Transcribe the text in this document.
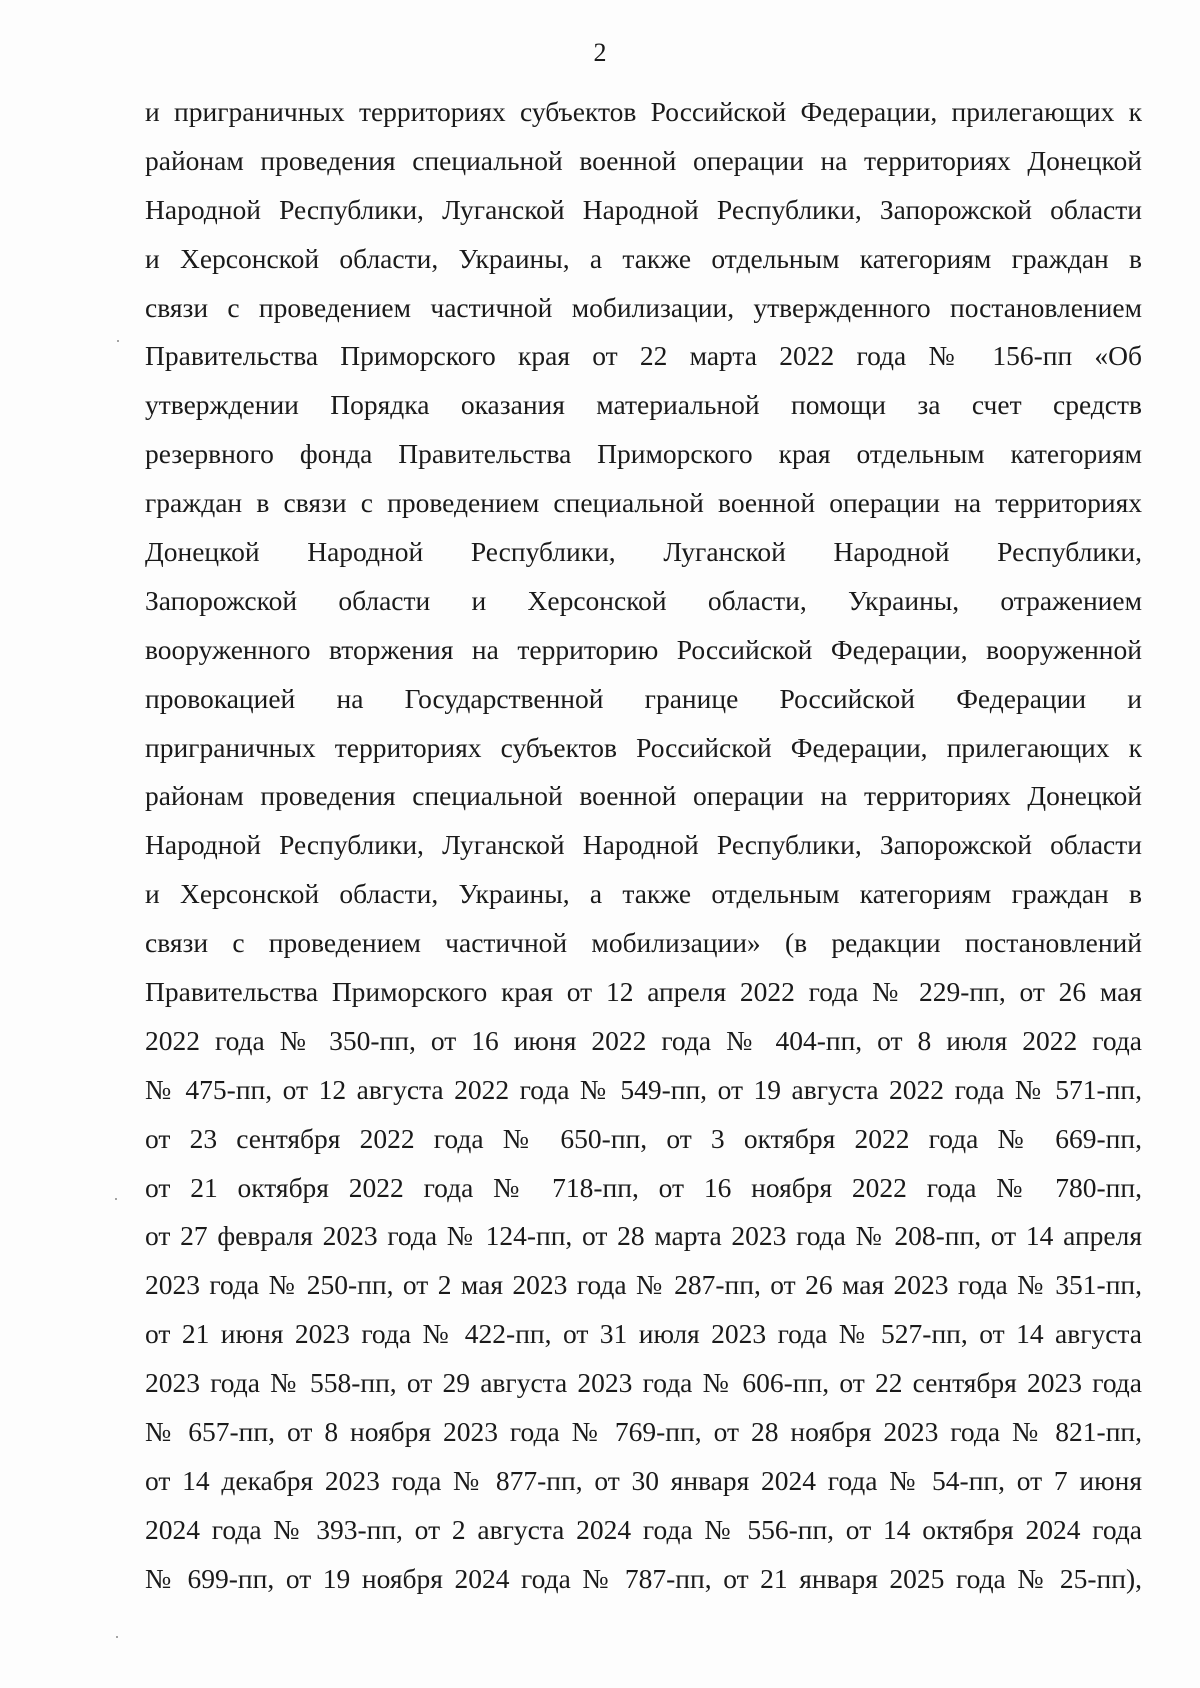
2
и приграничных территориях субъектов Российской Федерации, прилегающих к
районам проведения специальной военной операции на территориях Донецкой
Народной Республики, Луганской Народной Республики, Запорожской области
и Херсонской области, Украины, а также отдельным категориям граждан в
связи с проведением частичной мобилизации, утвержденного постановлением
Правительства Приморского края от 22 марта 2022 года № 156-пп «Об
утверждении Порядка оказания материальной помощи за счет средств
резервного фонда Правительства Приморского края отдельным категориям
граждан в связи с проведением специальной военной операции на территориях
Донецкой Народной Республики, Луганской Народной Республики,
Запорожской области и Херсонской области, Украины, отражением
вооруженного вторжения на территорию Российской Федерации, вооруженной
провокацией на Государственной границе Российской Федерации и
приграничных территориях субъектов Российской Федерации, прилегающих к
районам проведения специальной военной операции на территориях Донецкой
Народной Республики, Луганской Народной Республики, Запорожской области
и Херсонской области, Украины, а также отдельным категориям граждан в
связи с проведением частичной мобилизации» (в редакции постановлений
Правительства Приморского края от 12 апреля 2022 года № 229-пп, от 26 мая
2022 года № 350-пп, от 16 июня 2022 года № 404-пп, от 8 июля 2022 года
№ 475-пп, от 12 августа 2022 года № 549-пп, от 19 августа 2022 года № 571-пп,
от 23 сентября 2022 года № 650-пп, от 3 октября 2022 года № 669-пп,
от 21 октября 2022 года № 718-пп, от 16 ноября 2022 года № 780-пп,
от 27 февраля 2023 года № 124-пп, от 28 марта 2023 года № 208-пп, от 14 апреля
2023 года № 250-пп, от 2 мая 2023 года № 287-пп, от 26 мая 2023 года № 351-пп,
от 21 июня 2023 года № 422-пп, от 31 июля 2023 года № 527-пп, от 14 августа
2023 года № 558-пп, от 29 августа 2023 года № 606-пп, от 22 сентября 2023 года
№ 657-пп, от 8 ноября 2023 года № 769-пп, от 28 ноября 2023 года № 821-пп,
от 14 декабря 2023 года № 877-пп, от 30 января 2024 года № 54-пп, от 7 июня
2024 года № 393-пп, от 2 августа 2024 года № 556-пп, от 14 октября 2024 года
№ 699-пп, от 19 ноября 2024 года № 787-пп, от 21 января 2025 года № 25-пп),
